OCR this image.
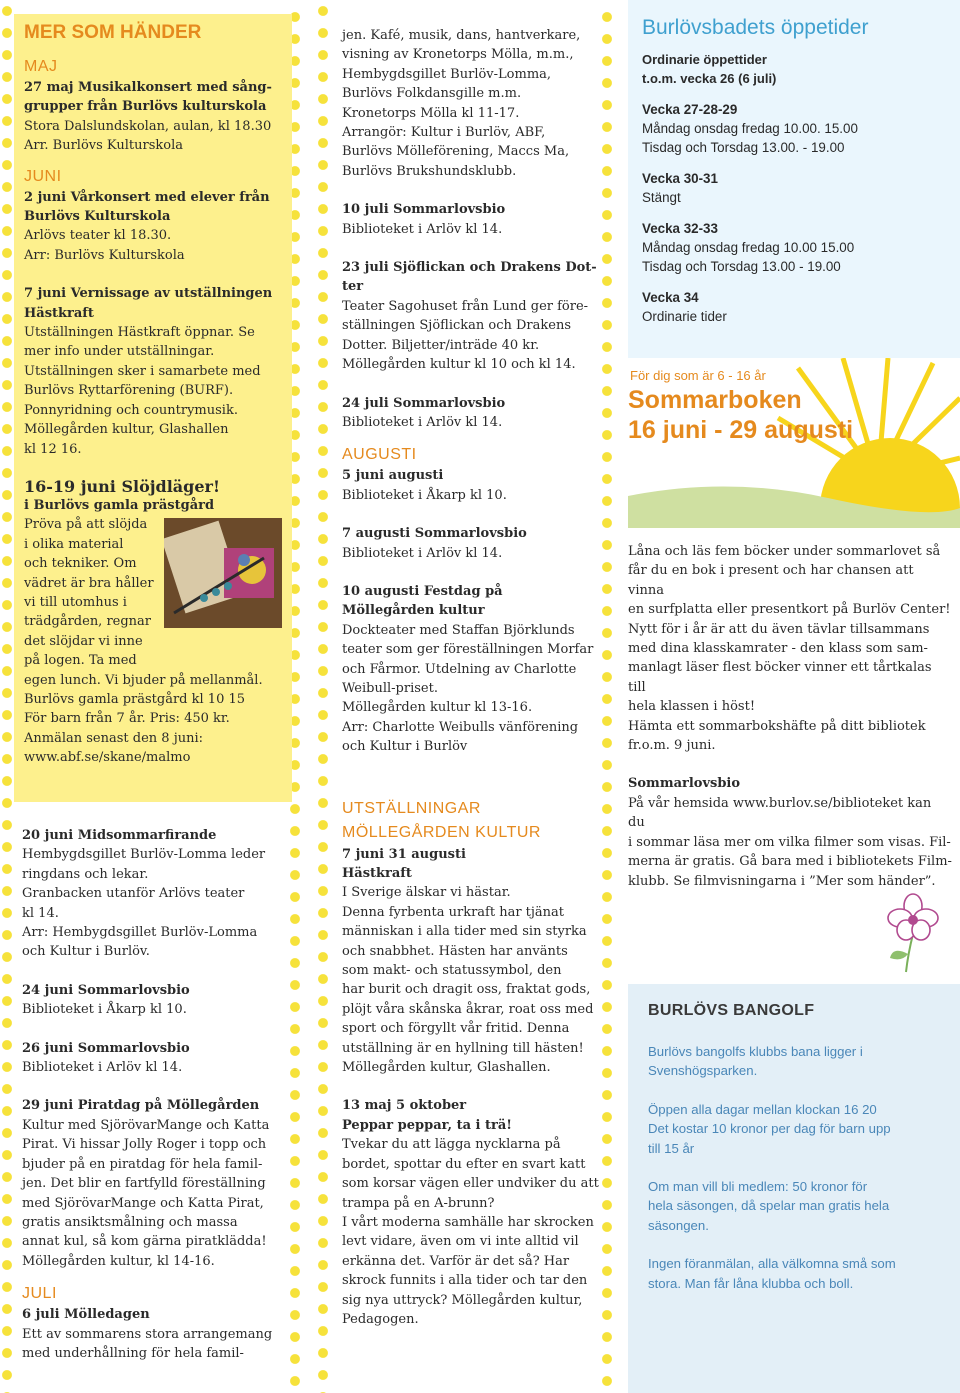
MER SOM HÄNDER
MAJ
27 maj Musikalkonsert med sång-
grupper från Burlövs kulturskola
Stora Dalslundskolan, aulan, kl 18.30
Arr. Burlövs Kulturskola
JUNI
2 juni Vårkonsert med elever från
Burlövs Kulturskola
Arlövs teater kl 18.30.
Arr: Burlövs Kulturskola
7 juni Vernissage av utställningen
Hästkraft
Utställningen Hästkraft öppnar. Se
mer info under utställningar.
Utställningen sker i samarbete med
Burlövs Ryttarförening (BURF).
Ponnyridning och countrymusik.
Möllegården kultur, Glashallen
kl 12 16.
16-19 juni Slöjdläger!
i Burlövs gamla prästgård
Pröva på att slöjda
i olika material
och tekniker. Om
vädret är bra håller
vi till utomhus i
trädgården, regnar
det slöjdar vi inne
på logen. Ta med
egen lunch. Vi bjuder på mellanmål.
Burlövs gamla prästgård kl 10 15
För barn från 7 år. Pris: 450 kr.
Anmälan senast den 8 juni:
www.abf.se/skane/malmo
20 juni Midsommarfirande
Hembygdsgillet Burlöv-Lomma leder
ringdans och lekar.
Granbacken utanför Arlövs teater
kl 14.
Arr: Hembygdsgillet Burlöv-Lomma
och Kultur i Burlöv.
24 juni Sommarlovsbio
Biblioteket i Åkarp kl 10.
26 juni Sommarlovsbio
Biblioteket i Arlöv kl 14.
29 juni Piratdag på Möllegården
Kultur med SjörövarMange och Katta
Pirat. Vi hissar Jolly Roger i topp och
bjuder på en piratdag för hela famil-
jen. Det blir en fartfylld föreställning
med SjörövarMange och Katta Pirat,
gratis ansiktsmålning och massa
annat kul, så kom gärna piratklädda!
Möllegården kultur, kl 14-16.
JULI
6 juli Mölledagen
Ett av sommarens stora arrangemang
med underhållning för hela famil-
jen. Kafé, musik, dans, hantverkare,
visning av Kronetorps Mölla, m.m.,
Hembygdsgillet Burlöv-Lomma,
Burlövs Folkdansgille m.m.
Kronetorps Mölla kl 11-17.
Arrangör: Kultur i Burlöv, ABF,
Burlövs Mölleförening, Maccs Ma,
Burlövs Brukshundsklubb.
10 juli Sommarlovsbio
Biblioteket i Arlöv kl 14.
23 juli Sjöflickan och Drakens Dot-
ter
Teater Sagohuset från Lund ger före-
ställningen Sjöflickan och Drakens
Dotter. Biljetter/inträde 40 kr.
Möllegården kultur kl 10 och kl 14.
24 juli Sommarlovsbio
Biblioteket i Arlöv kl 14.
AUGUSTI
5 juni augusti
Biblioteket i Åkarp kl 10.
7 augusti Sommarlovsbio
Biblioteket i Arlöv kl 14.
10 augusti Festdag på
Möllegården kultur
Dockteater med Staffan Björklunds
teater som ger föreställningen Morfar
och Fårmor. Utdelning av Charlotte
Weibull-priset.
Möllegården kultur kl 13-16.
Arr: Charlotte Weibulls vänförening
och Kultur i Burlöv
UTSTÄLLNINGAR
MÖLLEGÅRDEN KULTUR
7 juni 31 augusti
Hästkraft
I Sverige älskar vi hästar.
Denna fyrbenta urkraft har tjänat
människan i alla tider med sin styrka
och snabbhet. Hästen har använts
som makt- och statussymbol, den
har burit och dragit oss, fraktat gods,
plöjt våra skånska åkrar, roat oss med
sport och förgyllt vår fritid. Denna
utställning är en hyllning till hästen!
Möllegården kultur, Glashallen.
13 maj 5 oktober
Peppar peppar, ta i trä!
Tvekar du att lägga nycklarna på
bordet, spottar du efter en svart katt
som korsar vägen eller undviker du att
trampa på en A-brunn?
I vårt moderna samhälle har skrocken
levt vidare, även om vi inte alltid vil
erkänna det. Varför är det så? Har
skrock funnits i alla tider och tar den
sig nya uttryck? Möllegården kultur,
Pedagogen.
Burlövsbadets öppetider
Ordinarie öppettider
t.o.m. vecka 26 (6 juli)
Vecka 27-28-29
Måndag onsdag fredag 10.00. 15.00
Tisdag och Torsdag 13.00. - 19.00
Vecka 30-31
Stängt
Vecka 32-33
Måndag onsdag fredag 10.00 15.00
Tisdag och Torsdag 13.00 - 19.00
Vecka 34
Ordinarie tider
För dig som är 6 - 16 år
Sommarboken
16 juni - 29 augusti
Låna och läs fem böcker under sommarlovet så
får du en bok i present och har chansen att vinna
en surfplatta eller presentkort på Burlöv Center!
Nytt för i år är att du även tävlar tillsammans
med dina klasskamrater - den klass som sam-
manlagt läser flest böcker vinner ett tårtkalas till
hela klassen i höst!
Hämta ett sommarbokshäfte på ditt bibliotek
fr.o.m. 9 juni.
Sommarlovsbio
På vår hemsida www.burlov.se/biblioteket kan du
i sommar läsa mer om vilka filmer som visas. Fil-
merna är gratis. Gå bara med i bibliotekets Film-
klubb. Se filmvisningarna i ”Mer som händer”.
BURLÖVS BANGOLF
Burlövs bangolfs klubbs bana ligger i
Svenshögsparken.
Öppen alla dagar mellan klockan 16 20
Det kostar 10 kronor per dag för barn upp
till 15 år
Om man vill bli medlem: 50 kronor för
hela säsongen, då spelar man gratis hela
säsongen.
Ingen föranmälan, alla välkomna små som
stora. Man får låna klubba och boll.
